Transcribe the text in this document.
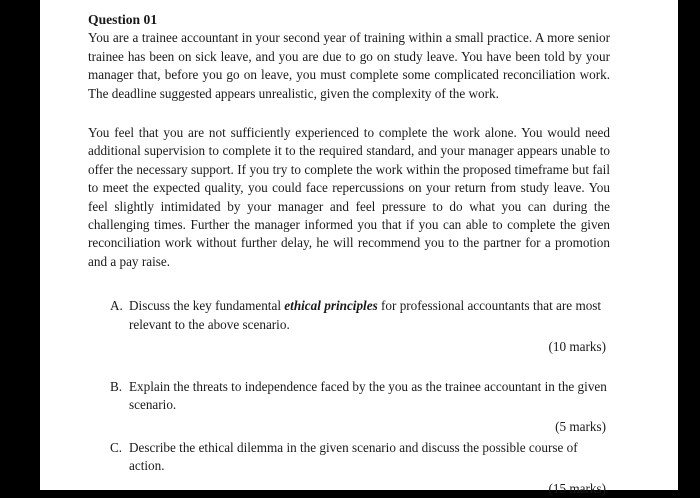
Question 01

You are a trainee accountant in your second year of training within a small practice. A more senior trainee has been on sick leave, and you are due to go on study leave. You have been told by your manager that, before you go on leave, you must complete some complicated reconciliation work. The deadline suggested appears unrealistic, given the complexity of the work.

You feel that you are not sufficiently experienced to complete the work alone. You would need additional supervision to complete it to the required standard, and your manager appears unable to offer the necessary support. If you try to complete the work within the proposed timeframe but fail to meet the expected quality, you could face repercussions on your return from study leave. You feel slightly intimidated by your manager and feel pressure to do what you can during the challenging times. Further the manager informed you that if you can able to complete the given reconciliation work without further delay, he will recommend you to the partner for a promotion and a pay raise.

A. Discuss the key fundamental ethical principles for professional accountants that are most relevant to the above scenario.
(10 marks)
B. Explain the threats to independence faced by the you as the trainee accountant in the given scenario.
(5 marks)
C. Describe the ethical dilemma in the given scenario and discuss the possible course of action.
(15 marks)
